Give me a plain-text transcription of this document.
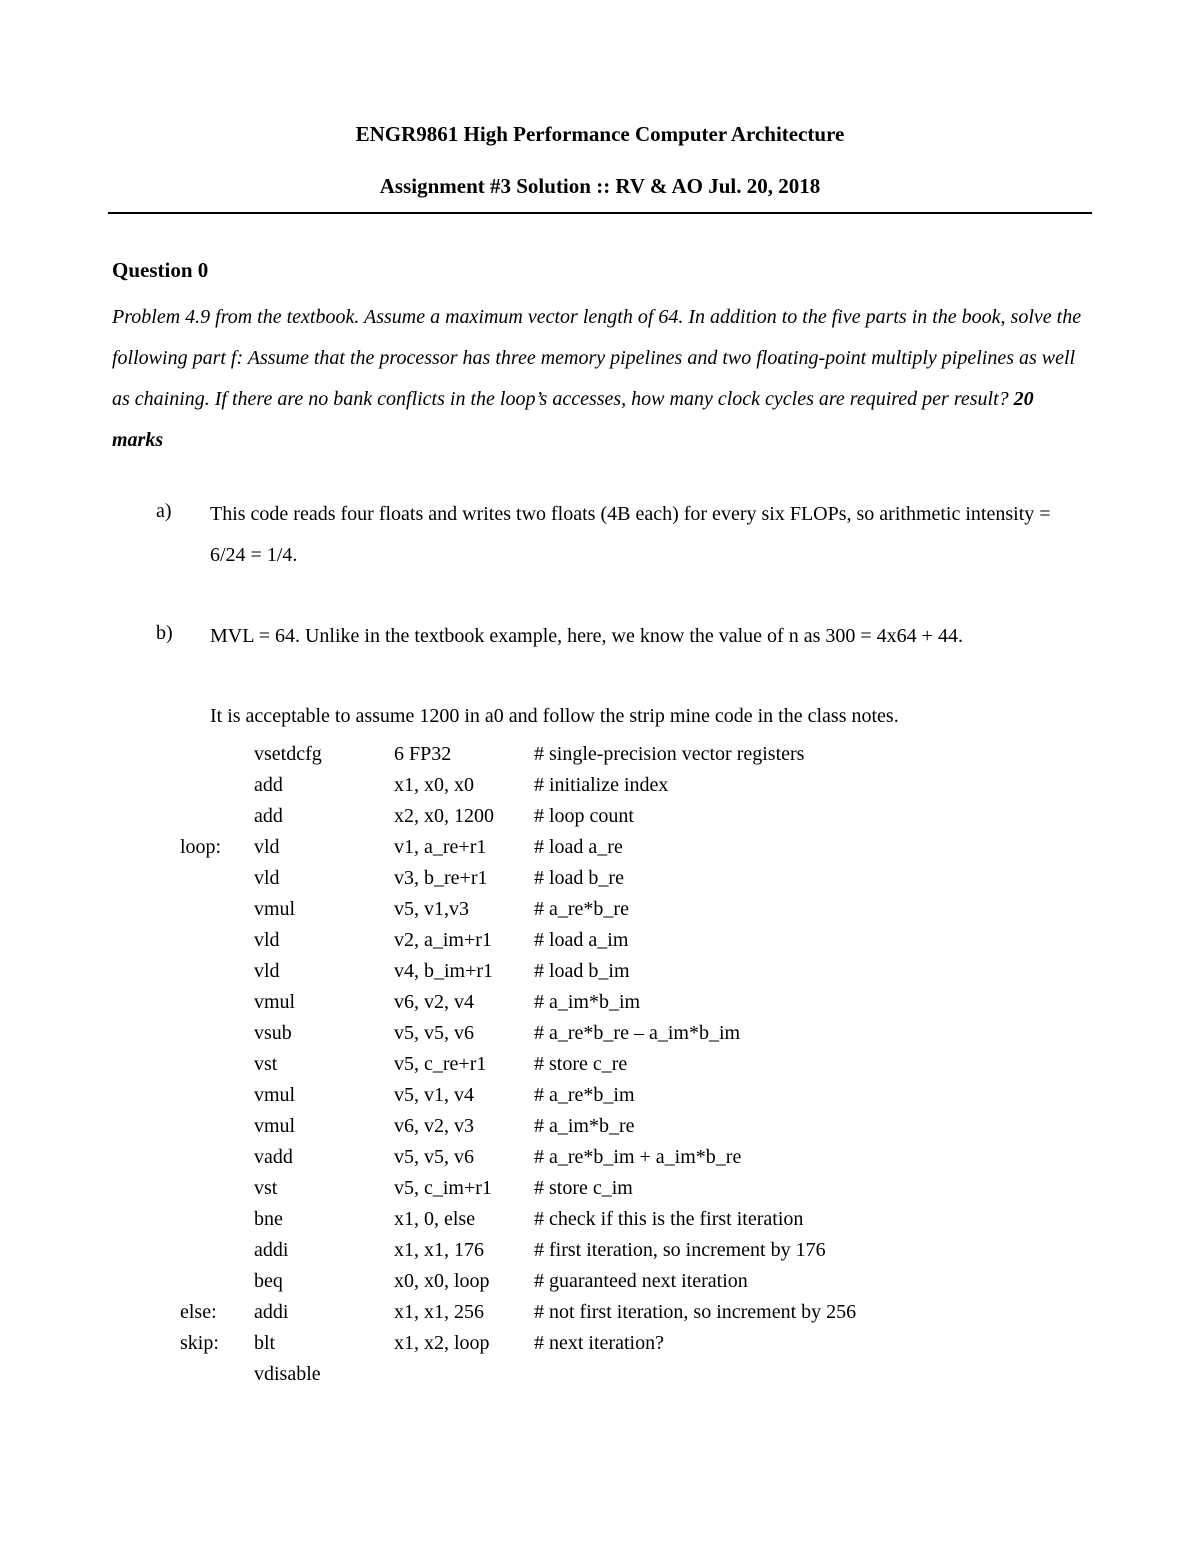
ENGR9861 High Performance Computer Architecture
Assignment #3 Solution :: RV & AO Jul. 20, 2018
Question 0

Problem 4.9 from the textbook. Assume a maximum vector length of 64. In addition to the five parts in the book, solve the following part f: Assume that the processor has three memory pipelines and two floating-point multiply pipelines as well as chaining. If there are no bank conflicts in the loop’s accesses, how many clock cycles are required per result? 20 marks

a) This code reads four floats and writes two floats (4B each) for every six FLOPs, so arithmetic intensity = 6/24 = 1/4.

b) MVL = 64. Unlike in the textbook example, here, we know the value of n as 300 = 4x64 + 44.

It is acceptable to assume 1200 in a0 and follow the strip mine code in the class notes.
vsetdcfg	6 FP32	# single-precision vector registers
add	x1, x0, x0	# initialize index
add	x2, x0, 1200 # loop count
loop: vld	v1, a_re+r1 # load a_re
vld	v3, b_re+r1 # load b_re
vmul	v5, v1,v3	# a_re*b_re
vld	v2, a_im+r1 # load a_im
vld	v4, b_im+r1 # load b_im
vmul	v6, v2, v4	# a_im*b_im
vsub	v5, v5, v6	# a_re*b_re – a_im*b_im
vst	v5, c_re+r1 # store c_re
vmul	v5, v1, v4	# a_re*b_im
vmul	v6, v2, v3	# a_im*b_re
vadd	v5, v5, v6	# a_re*b_im + a_im*b_re
vst	v5, c_im+r1 # store c_im
bne	x1, 0, else	# check if this is the first iteration
addi	x1, x1, 176	# first iteration, so increment by 176
beq	x0, x0, loop # guaranteed next iteration
else: addi	x1, x1, 256	# not first iteration, so increment by 256
skip: blt	x1, x2, loop # next iteration?
vdisable
